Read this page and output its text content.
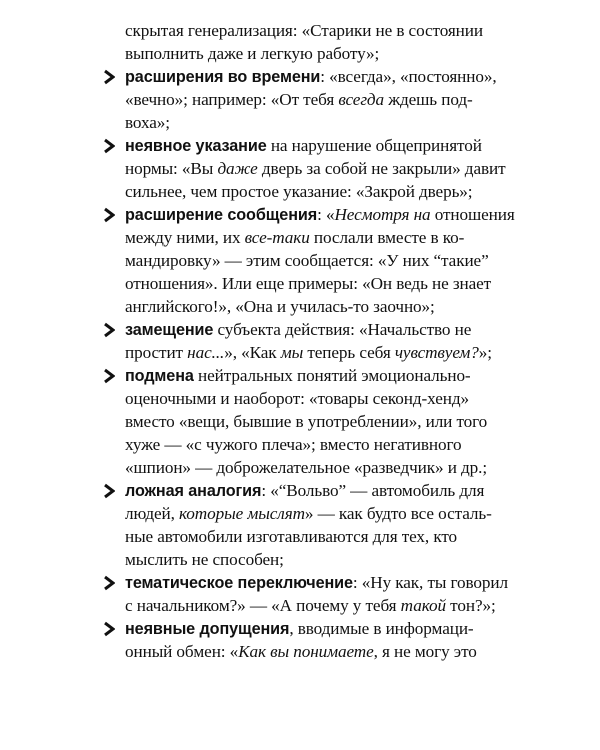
скрытая генерализация: «Старики не в состоянии
выполнить даже и легкую работу»;
расширения во времени: «всегда», «постоянно»,
«вечно»; например: «От тебя всегда ждешь под-
воха»;
неявное указание на нарушение общепринятой
нормы: «Вы даже дверь за собой не закрыли» давит
сильнее, чем простое указание: «Закрой дверь»;
расширение сообщения: «Несмотря на отношения
между ними, их все-таки послали вместе в ко-
мандировку» — этим сообщается: «У них “такие”
отношения». Или еще примеры: «Он ведь не знает
английского!», «Она и училась-то заочно»;
замещение субъекта действия: «Начальство не
простит нас...», «Как мы теперь себя чувствуем?»;
подмена нейтральных понятий эмоционально-
оценочными и наоборот: «товары секонд-хенд»
вместо «вещи, бывшие в употреблении», или того
хуже — «с чужого плеча»; вместо негативного
«шпион» — доброжелательное «разведчик» и др.;
ложная аналогия: «“Вольво” — автомобиль для
людей, которые мыслят» — как будто все осталь-
ные автомобили изготавливаются для тех, кто
мыслить не способен;
тематическое переключение: «Ну как, ты говорил
с начальником?» — «А почему у тебя такой тон?»;
неявные допущения, вводимые в информаци-
онный обмен: «Как вы понимаете, я не могу это
